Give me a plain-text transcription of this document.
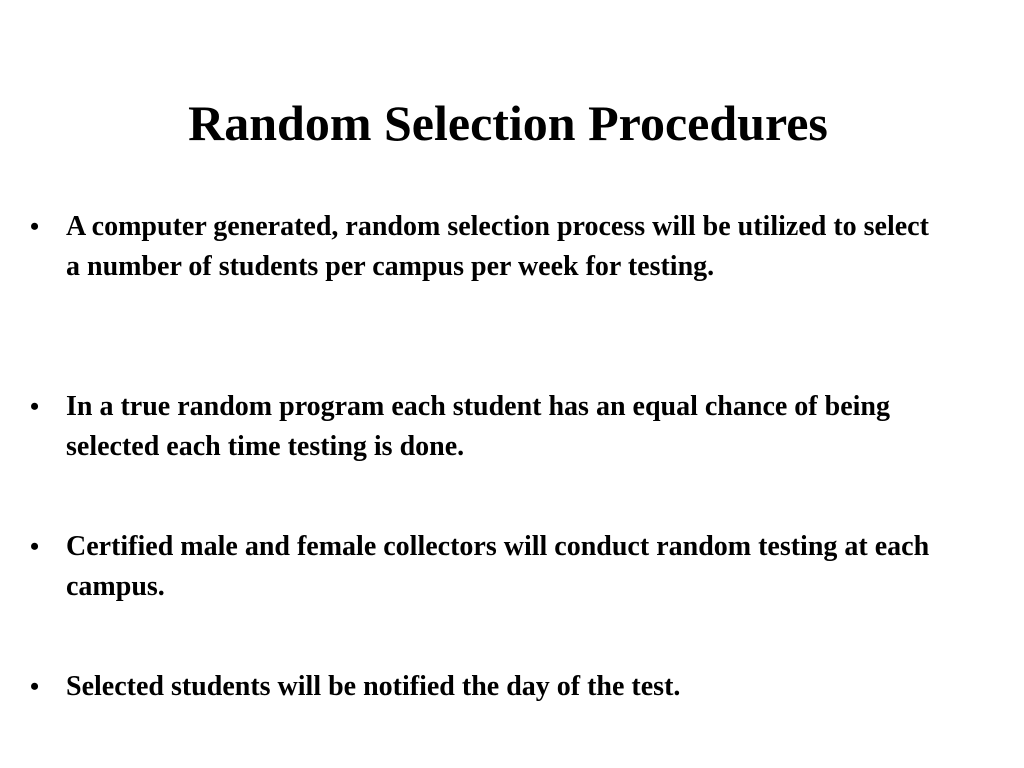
Random Selection Procedures
• A computer generated, random selection process will be utilized to select a number of students per campus per week for testing.
• In a true random program each student has an equal chance of being selected each time testing is done.
• Certified male and female collectors will conduct random testing at each campus.
• Selected students will be notified the day of the test.
